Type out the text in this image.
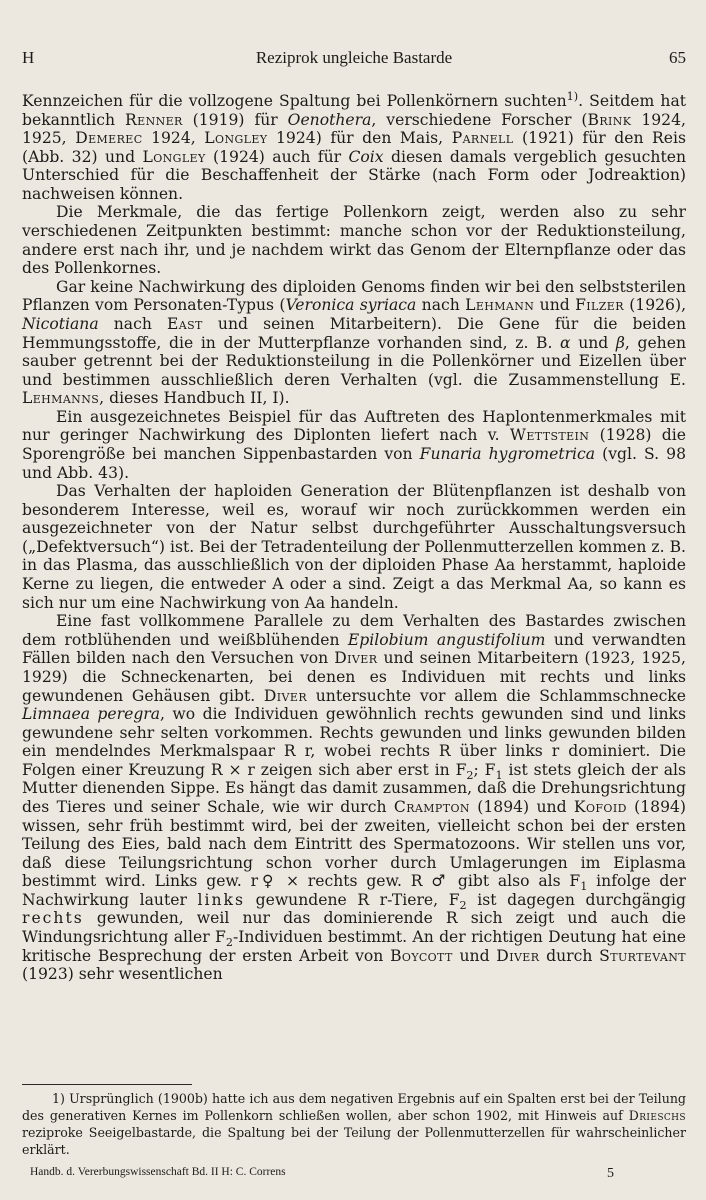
H	Reziprok ungleiche Bastarde	65

Kennzeichen für die vollzogene Spaltung bei Pollenkörnern suchten$^{1)}$. Seitdem hat bekanntlich Renner (1919) für Oenothera, verschiedene Forscher (Brink 1924, 1925, Demerec 1924, Longley 1924) für den Mais, Parnell (1921) für den Reis (Abb. 32) und Longley (1924) auch für Coix diesen damals vergeblich gesuchten Unterschied für die Beschaffenheit der Stärke (nach Form oder Jodreaktion) nachweisen können.

Die Merkmale, die das fertige Pollenkorn zeigt, werden also zu sehr verschiedenen Zeitpunkten bestimmt: manche schon vor der Reduktionsteilung, andere erst nach ihr, und je nachdem wirkt das Genom der Elternpflanze oder das des Pollenkornes.

Gar keine Nachwirkung des diploiden Genoms finden wir bei den selbststerilen Pflanzen vom Personaten-Typus (Veronica syriaca nach Lehmann und Filzer (1926), Nicotiana nach East und seinen Mitarbeitern). Die Gene für die beiden Hemmungsstoffe, die in der Mutterpflanze vorhanden sind, z. B. α und β, gehen sauber getrennt bei der Reduktionsteilung in die Pollenkörner und Eizellen über und bestimmen ausschließlich deren Verhalten (vgl. die Zusammenstellung E. Lehmanns, dieses Handbuch II, I).

Ein ausgezeichnetes Beispiel für das Auftreten des Haplontenmerkmales mit nur geringer Nachwirkung des Diplonten liefert nach v. Wettstein (1928) die Sporengröße bei manchen Sippenbastarden von Funaria hygrometrica (vgl. S. 98 und Abb. 43).

Das Verhalten der haploiden Generation der Blütenpflanzen ist deshalb von besonderem Interesse, weil es, worauf wir noch zurückkommen werden ein ausgezeichneter von der Natur selbst durchgeführter Ausschaltungsversuch („Defektversuch“) ist. Bei der Tetradenteilung der Pollenmutterzellen kommen z. B. in das Plasma, das ausschließlich von der diploiden Phase Aa herstammt, haploide Kerne zu liegen, die entweder A oder a sind. Zeigt a das Merkmal Aa, so kann es sich nur um eine Nachwirkung von Aa handeln.

Eine fast vollkommene Parallele zu dem Verhalten des Bastardes zwischen dem rotblühenden und weißblühenden Epilobium angustifolium und verwandten Fällen bilden nach den Versuchen von Diver und seinen Mitarbeitern (1923, 1925, 1929) die Schneckenarten, bei denen es Individuen mit rechts und links gewundenen Gehäusen gibt. Diver untersuchte vor allem die Schlammschnecke Limnaea peregra, wo die Individuen gewöhnlich rechts gewunden sind und links gewundene sehr selten vorkommen. Rechts gewunden und links gewunden bilden ein mendelndes Merkmalspaar R r, wobei rechts R über links r dominiert. Die Folgen einer Kreuzung R × r zeigen sich aber erst in $F_2$; $F_1$ ist stets gleich der als Mutter dienenden Sippe. Es hängt das damit zusammen, daß die Drehungsrichtung des Tieres und seiner Schale, wie wir durch Crampton (1894) und Kofoid (1894) wissen, sehr früh bestimmt wird, bei der zweiten, vielleicht schon bei der ersten Teilung des Eies, bald nach dem Eintritt des Spermatozoons. Wir stellen uns vor, daß diese Teilungsrichtung schon vorher durch Umlagerungen im Eiplasma bestimmt wird. Links gew. r♀ × rechts gew. R ♂ gibt also als $F_1$ infolge der Nachwirkung lauter links gewundene R r-Tiere, $F_2$ ist dagegen durchgängig rechts gewunden, weil nur das dominierende R sich zeigt und auch die Windungsrichtung aller $F_2$-Individuen bestimmt. An der richtigen Deutung hat eine kritische Besprechung der ersten Arbeit von Boycott und Diver durch Sturtevant (1923) sehr wesentlichen

1) Ursprünglich (1900b) hatte ich aus dem negativen Ergebnis auf ein Spalten erst bei der Teilung des generativen Kernes im Pollenkorn schließen wollen, aber schon 1902, mit Hinweis auf Drieschs reziproke Seeigelbastarde, die Spaltung bei der Teilung der Pollenmutterzellen für wahrscheinlicher erklärt.

Handb. d. Vererbungswissenschaft Bd. II H: C. Correns	5
